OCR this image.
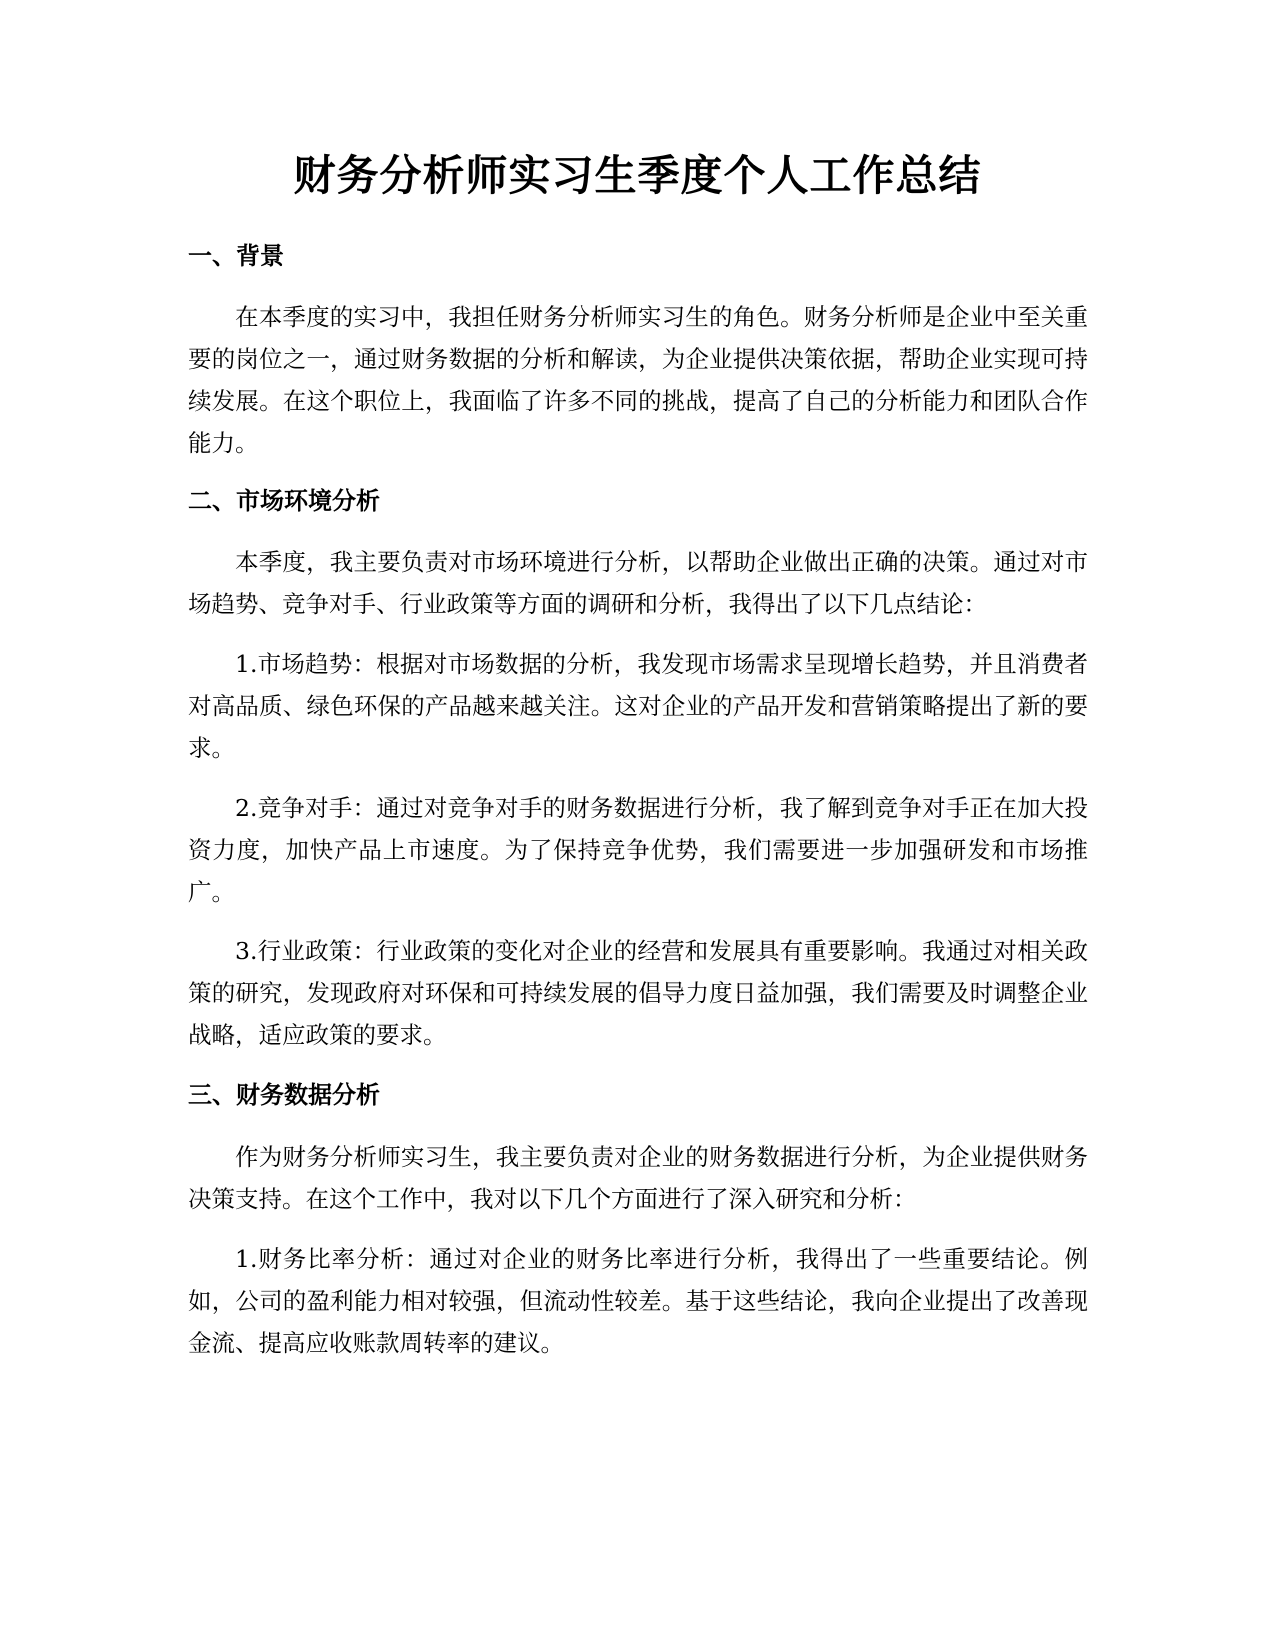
财务分析师实习生季度个人工作总结
一、背景

在本季度的实习中，我担任财务分析师实习生的角色。财务分析师是企业中至关重要的岗位之一，通过财务数据的分析和解读，为企业提供决策依据，帮助企业实现可持续发展。在这个职位上，我面临了许多不同的挑战，提高了自己的分析能力和团队合作能力。

二、市场环境分析

本季度，我主要负责对市场环境进行分析，以帮助企业做出正确的决策。通过对市场趋势、竞争对手、行业政策等方面的调研和分析，我得出了以下几点结论：

1.市场趋势：根据对市场数据的分析，我发现市场需求呈现增长趋势，并且消费者对高品质、绿色环保的产品越来越关注。这对企业的产品开发和营销策略提出了新的要求。

2.竞争对手：通过对竞争对手的财务数据进行分析，我了解到竞争对手正在加大投资力度，加快产品上市速度。为了保持竞争优势，我们需要进一步加强研发和市场推广。

3.行业政策：行业政策的变化对企业的经营和发展具有重要影响。我通过对相关政策的研究，发现政府对环保和可持续发展的倡导力度日益加强，我们需要及时调整企业战略，适应政策的要求。

三、财务数据分析

作为财务分析师实习生，我主要负责对企业的财务数据进行分析，为企业提供财务决策支持。在这个工作中，我对以下几个方面进行了深入研究和分析：

1.财务比率分析：通过对企业的财务比率进行分析，我得出了一些重要结论。例如，公司的盈利能力相对较强，但流动性较差。基于这些结论，我向企业提出了改善现金流、提高应收账款周转率的建议。
